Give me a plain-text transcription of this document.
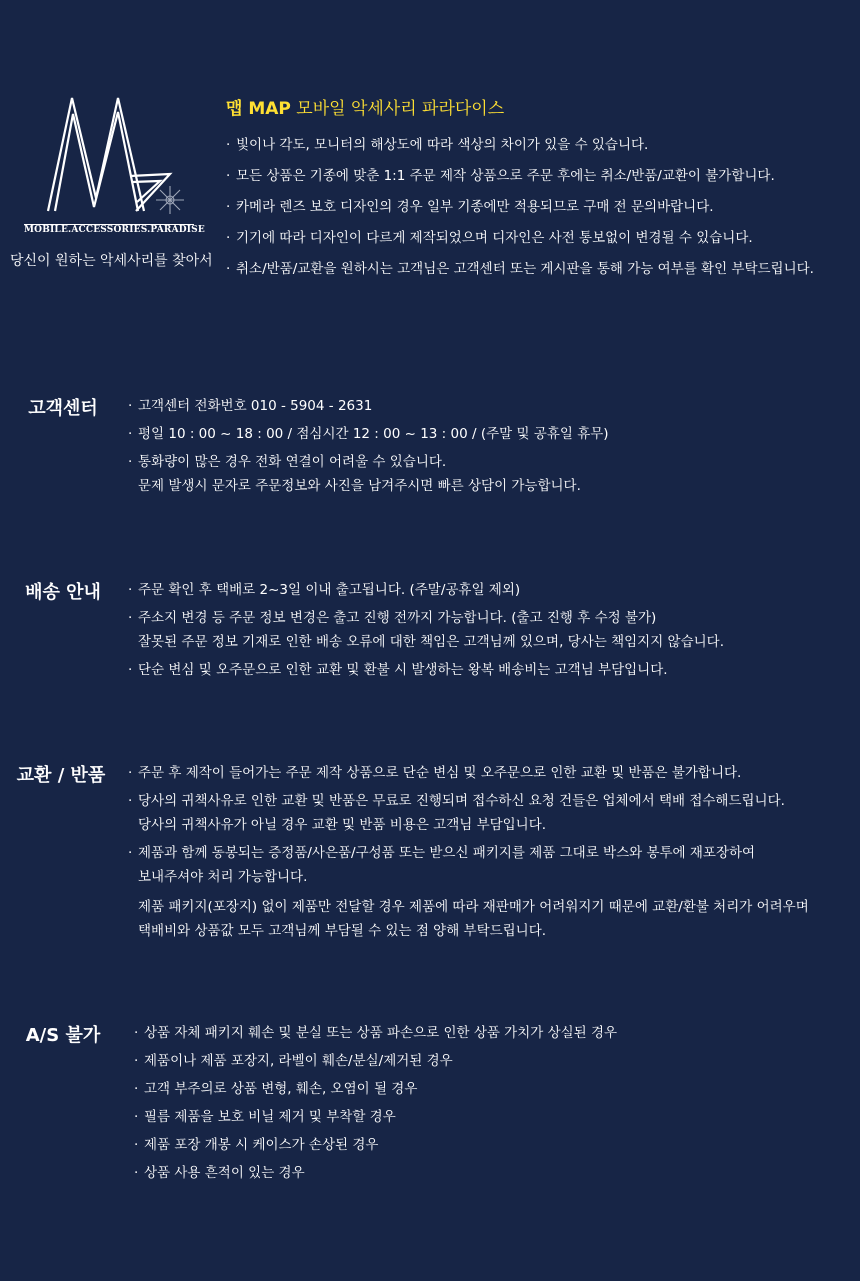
MOBILE.ACCESSORIES.PARADISE
당신이 원하는 악세사리를 찾아서
맵 MAP 모바일 악세사리 파라다이스
· 빛이나 각도, 모니터의 해상도에 따라 색상의 차이가 있을 수 있습니다.
· 모든 상품은 기종에 맞춘 1:1 주문 제작 상품으로 주문 후에는 취소/반품/교환이 불가합니다.
· 카메라 렌즈 보호 디자인의 경우 일부 기종에만 적용되므로 구매 전 문의바랍니다.
· 기기에 따라 디자인이 다르게 제작되었으며 디자인은 사전 통보없이 변경될 수 있습니다.
· 취소/반품/교환을 원하시는 고객님은 고객센터 또는 게시판을 통해 가능 여부를 확인 부탁드립니다.
고객센터	· 고객센터 전화번호 010 - 5904 - 2631
· 평일 10 : 00 ~ 18 : 00 / 점심시간 12 : 00 ~ 13 : 00 / (주말 및 공휴일 휴무)
· 통화량이 많은 경우 전화 연결이 어려울 수 있습니다.
문제 발생시 문자로 주문정보와 사진을 남겨주시면 빠른 상담이 가능합니다.
배송 안내	· 주문 확인 후 택배로 2~3일 이내 출고됩니다. (주말/공휴일 제외)
· 주소지 변경 등 주문 정보 변경은 출고 진행 전까지 가능합니다. (출고 진행 후 수정 불가)
잘못된 주문 정보 기재로 인한 배송 오류에 대한 책임은 고객님께 있으며, 당사는 책임지지 않습니다.
· 단순 변심 및 오주문으로 인한 교환 및 환불 시 발생하는 왕복 배송비는 고객님 부담입니다.
교환 / 반품	· 주문 후 제작이 들어가는 주문 제작 상품으로 단순 변심 및 오주문으로 인한 교환 및 반품은 불가합니다.
· 당사의 귀책사유로 인한 교환 및 반품은 무료로 진행되며 접수하신 요청 건들은 업체에서 택배 접수해드립니다.
당사의 귀책사유가 아닐 경우 교환 및 반품 비용은 고객님 부담입니다.
· 제품과 함께 동봉되는 증정품/사은품/구성품 또는 받으신 패키지를 제품 그대로 박스와 봉투에 재포장하여
보내주셔야 처리 가능합니다.
제품 패키지(포장지) 없이 제품만 전달할 경우 제품에 따라 재판매가 어려워지기 때문에 교환/환불 처리가 어려우며
택배비와 상품값 모두 고객님께 부담될 수 있는 점 양해 부탁드립니다.
A/S 불가	· 상품 자체 패키지 훼손 및 분실 또는 상품 파손으로 인한 상품 가치가 상실된 경우
· 제품이나 제품 포장지, 라벨이 훼손/분실/제거된 경우
· 고객 부주의로 상품 변형, 훼손, 오염이 될 경우
· 필름 제품을 보호 비닐 제거 및 부착할 경우
· 제품 포장 개봉 시 케이스가 손상된 경우
· 상품 사용 흔적이 있는 경우
